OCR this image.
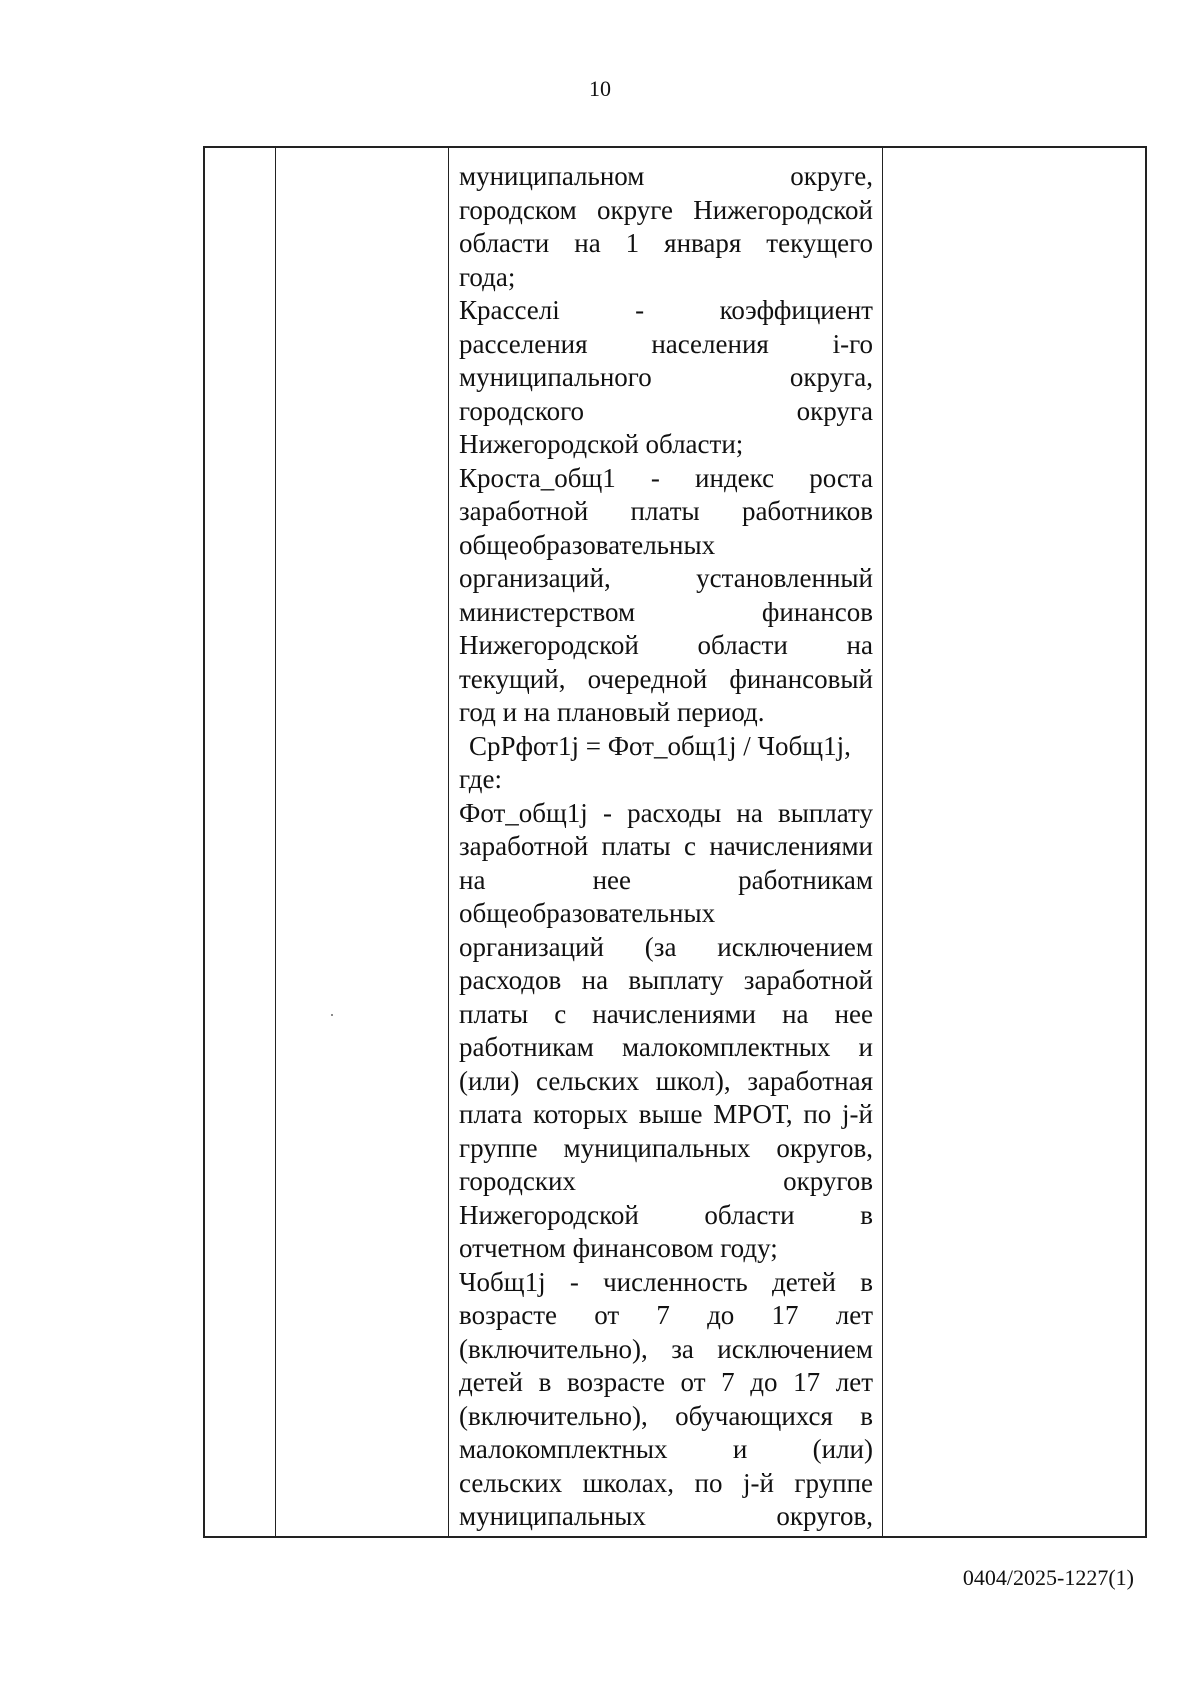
10
муниципальном округе,
городском округе Нижегородской
области на 1 января текущего
года;
Красселi - коэффициент
расселения населения i-го
муниципального округа,
городского округа
Нижегородской области;
Кроста_общ1 - индекс роста
заработной платы работников
общеобразовательных
организаций, установленный
министерством финансов
Нижегородской области на
текущий, очередной финансовый
год и на плановый период.
СрРфот1j = Фот_общ1j / Чобщ1j,
где:
Фот_общ1j - расходы на выплату
заработной платы с начислениями
на нее работникам
общеобразовательных
организаций (за исключением
расходов на выплату заработной
платы с начислениями на нее
работникам малокомплектных и
(или) сельских школ), заработная
плата которых выше МРОТ, по j-й
группе муниципальных округов,
городских округов
Нижегородской области в
отчетном финансовом году;
Чобщ1j - численность детей в
возрасте от 7 до 17 лет
(включительно), за исключением
детей в возрасте от 7 до 17 лет
(включительно), обучающихся в
малокомплектных и (или)
сельских школах, по j-й группе
муниципальных округов,
0404/2025-1227(1)
